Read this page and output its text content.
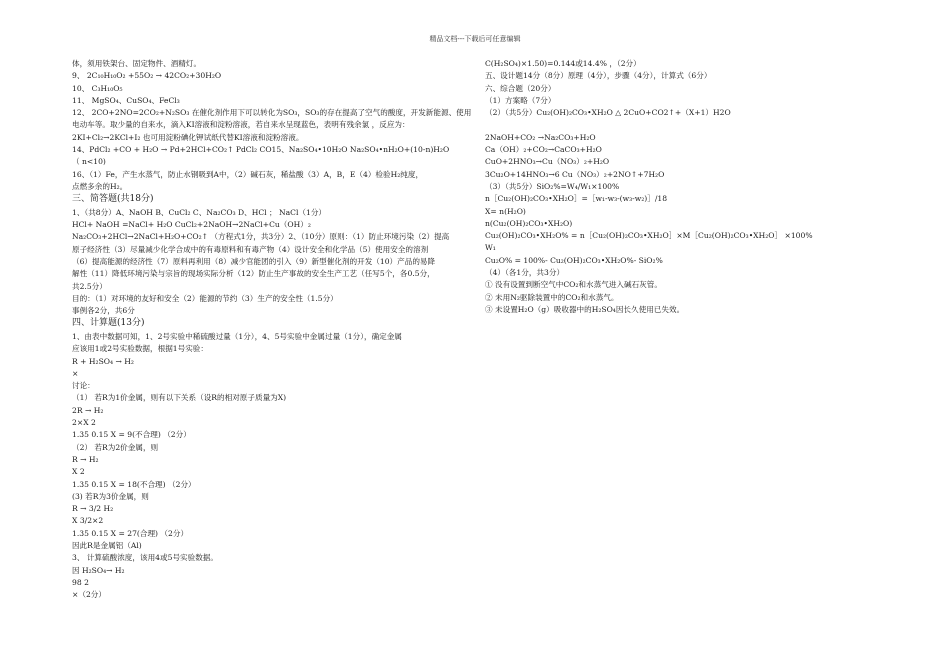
精品文档---下载后可任意编辑

体，须用铁架台、固定物件、酒精灯。

9、 2C₁₀H₁₀O₂ +55O₂ → 42CO₂+30H₂O

10、 C₃H₁₀O₅

11、 MgSO₄、CuSO₄、FeCl₃

12、 2CO+2NO=2CO₂+N₂SO₃ 在催化剂作用下可以转化为SO₃，SO₃的存在提高了空气的酸度，开发新能源、使用

电动车等。取少量的自来水，滴入KI溶液和淀粉溶液，若自来水呈现蓝色，表明有残余氯 ，反应为：

2KI+Cl₂→2KCl+I₂ 也可用淀粉碘化钾试纸代替KI溶液和淀粉溶液。

14、PdCl₂ +CO + H₂O → Pd+2HCl+CO₂↑ PdCl₂ CO15、Na₂SO₄•10H₂O Na₂SO₄•nH₂O+(10-n)H₂O

（ n<10)

16、（1）Fe，产生水蒸气，防止水钢吸到A中，（2）碱石灰，稀盐酸（3）A，B，E（4）检验H₂纯度，

点燃多余的H₂。

三、简答题(共18分)

1、（共8分）A、NaOH B、CuCl₂ C、Na₂CO₃ D、HCl ； NaCl（1分）

HCl+ NaOH =NaCl+ H₂O CuCl₂+2NaOH→2NaCl+Cu（OH）₂

Na₂CO₃+2HCl→2NaCl+H₂O+CO₂↑ （方程式1分，共3分）2、（10分）原则：（1）防止环境污染（2）提高

原子经济性（3）尽量减少化学合成中的有毒原料和有毒产物（4）设计安全和化学品（5）使用安全的溶剂

（6）提高能源的经济性（7）原料再利用（8）减少官能团的引入（9）新型催化剂的开发（10）产品的易降

解性（11）降低环境污染与宗旨的现场实际分析（12）防止生产事故的安全生产工艺（任写5个，各0.5分，

共2.5分）

目的：（1）对环境的友好和安全（2）能源的节约（3）生产的安全性（1.5分）

事例各2分，共6分

四、计算题(13分)

1、由表中数据可知，1、2号实验中稀硫酸过量（1分），4、5号实验中金属过量（1分），确定金属

应该用1或2号实验数据，根据1号实验：

R + H₂SO₄ → H₂

×

讨论：

（1） 若R为1价金属，则有以下关系（设R的相对原子质量为X)

2R → H₂

2×X 2

1.35 0.15 X = 9(不合理) （2分）

（2） 若R为2价金属，则

R → H₂

X 2

1.35 0.15 X = 18(不合理) （2分）

(3) 若R为3价金属，则

R → 3/2 H₂

X 3/2×2

1.35 0.15 X = 27(合理) （2分）

因此R是金属铝（Al)

3、 计算硫酸浓度，该用4或5号实验数据。

因 H₂SO₄→ H₂

98 2

×（2分）

C(H₂SO₄)×1.50)=0.144或14.4% ，（2分）

五、设计题14分（8分）原理（4分），步骤（4分），计算式（6分）

六、综合题（20分）

（1）方案略（7分）

（2）（共5分）Cu₂(OH)₂CO₃•XH₂O △ 2CuO+CO2↑+（X+1）H2O

2NaOH+CO₂ →Na₂CO₃+H₂O

Ca（OH）₂+CO₂→CaCO₃+H₂O

CuO+2HNO₃→Cu（NO₃）₂+H₂O

3Cu₂O+14HNO₃→6 Cu（NO₃）₂+2NO↑+7H₂O

（3）（共5分）SiO₂%=W₄/W₁×100%

n［Cu₂(OH)₂CO₃•XH₂O］=［w₁-w₃-(w₃-w₂)］/18

X= n(H₂O)

n(Cu₂(OH)₂CO₃•XH₂O)

Cu₂(OH)₂CO₃•XH₂O% = n［Cu₂(OH)₂CO₃•XH₂O］×M［Cu₂(OH)₂CO₃•XH₂O］ ×100%

W₁

Cu₂O% = 100%- Cu₂(OH)₂CO₃•XH₂O%- SiO₂%

（4）（各1分，共3分）

① 没有设置到断空气中CO₂和水蒸气进入碱石灰管。

② 未用N₂驱除装置中的CO₂和水蒸气。

③ 未设置H₂O（g）吸收器中的H₂SO₄因长久使用已失效。
